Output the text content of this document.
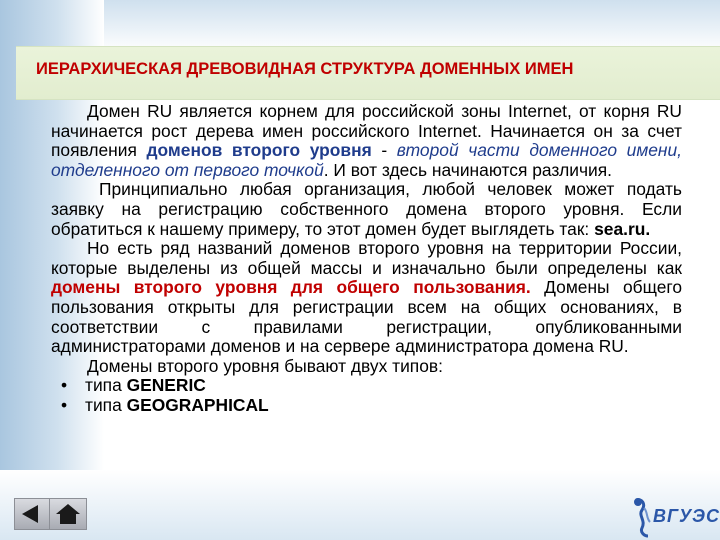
ИЕРАРХИЧЕСКАЯ ДРЕВОВИДНАЯ СТРУКТУРА ДОМЕННЫХ ИМЕН

Домен RU является корнем для российской зоны Internet, от корня RU начинается рост дерева имен российского Internet. Начинается он за счет появления доменов второго уровня - второй части доменного имени, отделенного от первого точкой. И вот здесь начинаются различия.

Принципиально любая организация, любой человек может подать заявку на регистрацию собственного домена второго уровня. Если обратиться к нашему примеру, то этот домен будет выглядеть так: sea.ru.

Но есть ряд названий доменов второго уровня на территории России, которые выделены из общей массы и изначально были определены как домены второго уровня для общего пользования. Домены общего пользования открыты для регистрации всем на общих основаниях, в соответствии с правилами регистрации, опубликованными администраторами доменов и на сервере администратора домена RU.

Домены второго уровня бывают двух типов:

• типа GENERIC
• типа GEOGRAPHICAL
ВГУЭС
